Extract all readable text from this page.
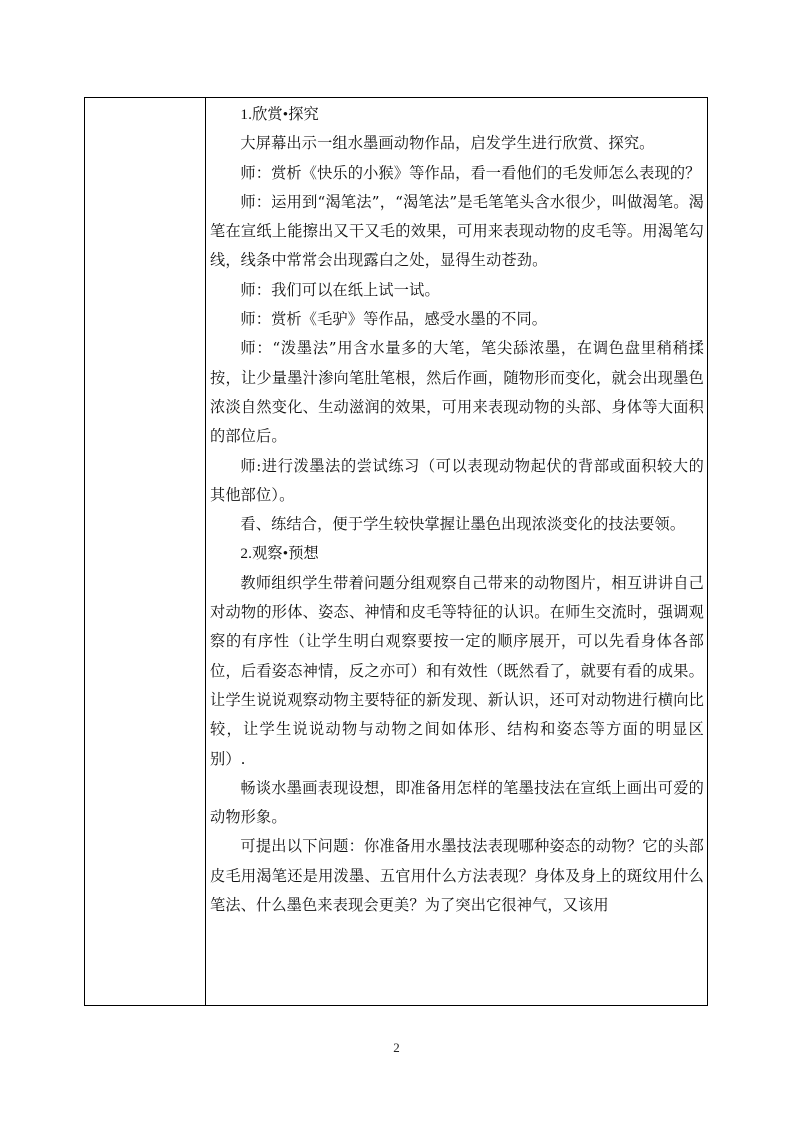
1.欣赏•探究

大屏幕出示一组水墨画动物作品，启发学生进行欣赏、探究。

师：赏析《快乐的小猴》等作品，看一看他们的毛发师怎么表现的？

师：运用到“渴笔法”，“渴笔法”是毛笔笔头含水很少，叫做渴笔。渴笔在宣纸上能擦出又干又毛的效果，可用来表现动物的皮毛等。用渴笔勾线，线条中常常会出现露白之处，显得生动苍劲。

师：我们可以在纸上试一试。

师：赏析《毛驴》等作品，感受水墨的不同。

师：“泼墨法”用含水量多的大笔，笔尖舔浓墨，在调色盘里稍稍揉按，让少量墨汁渗向笔肚笔根，然后作画，随物形而变化，就会出现墨色浓淡自然变化、生动滋润的效果，可用来表现动物的头部、身体等大面积的部位后。

师:进行泼墨法的尝试练习（可以表现动物起伏的背部或面积较大的其他部位）。

看、练结合，便于学生较快掌握让墨色出现浓淡变化的技法要领。

2.观察•预想

教师组织学生带着问题分组观察自己带来的动物图片，相互讲讲自己对动物的形体、姿态、神情和皮毛等特征的认识。在师生交流时，强调观察的有序性（让学生明白观察要按一定的顺序展开，可以先看身体各部位，后看姿态神情，反之亦可）和有效性（既然看了，就要有看的成果。让学生说说观察动物主要特征的新发现、新认识，还可对动物进行横向比较，让学生说说动物与动物之间如体形、结构和姿态等方面的明显区别）.

畅谈水墨画表现设想，即准备用怎样的笔墨技法在宣纸上画出可爱的动物形象。

可提出以下问题：你准备用水墨技法表现哪种姿态的动物？它的头部皮毛用渴笔还是用泼墨、五官用什么方法表现？身体及身上的斑纹用什么笔法、什么墨色来表现会更美？为了突出它很神气，又该用

2
